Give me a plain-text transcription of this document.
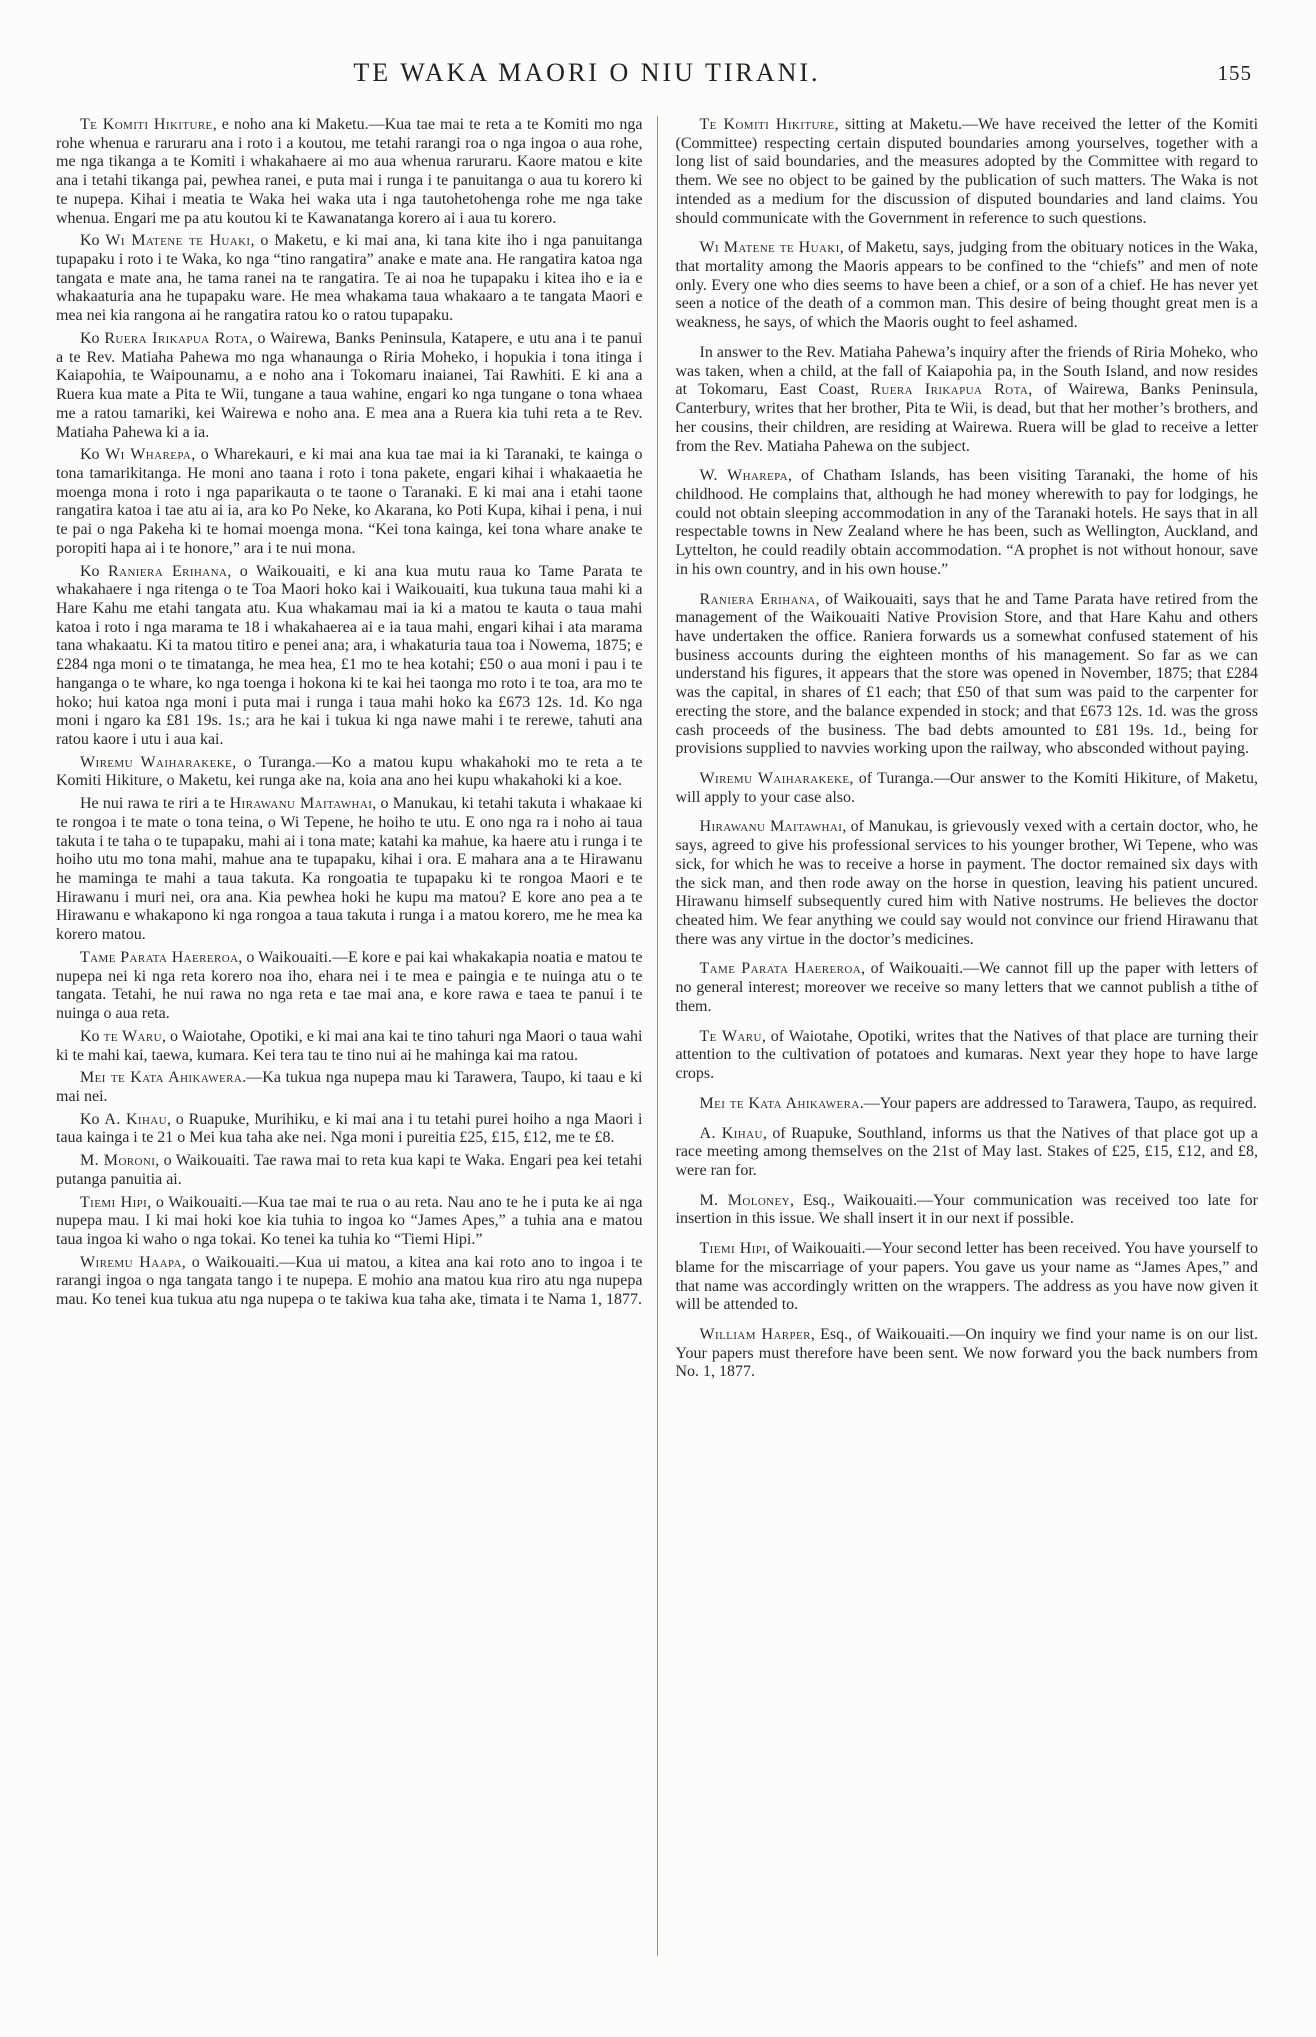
TE WAKA MAORI O NIU TIRANI.	155

Te Komiti Hikiture, e noho ana ki Maketu.—Kua tae mai te reta a te Komiti mo nga rohe whenua e raruraru ana i roto i a koutou, me tetahi rarangi roa o nga ingoa o aua rohe, me nga tikanga a te Komiti i whakahaere ai mo aua whenua raruraru. Kaore matou e kite ana i tetahi tikanga pai, pewhea ranei, e puta mai i runga i te panuitanga o aua tu korero ki te nupepa. Kihai i meatia te Waka hei waka uta i nga tautohetohenga rohe me nga take whenua. Engari me pa atu koutou ki te Kawanatanga korero ai i aua tu korero.

Ko Wi Matene te Huaki, o Maketu, e ki mai ana, ki tana kite iho i nga panuitanga tupapaku i roto i te Waka, ko nga “tino rangatira” anake e mate ana. He rangatira katoa nga tangata e mate ana, he tama ranei na te rangatira. Te ai noa he tupapaku i kitea iho e ia e whakaaturia ana he tupapaku ware. He mea whakama taua whakaaro a te tangata Maori e mea nei kia rangona ai he rangatira ratou ko o ratou tupapaku.

Ko Ruera Irikapua Rota, o Wairewa, Banks Peninsula, Katapere, e utu ana i te panui a te Rev. Matiaha Pahewa mo nga whanaunga o Riria Moheko, i hopukia i tona itinga i Kaiapohia, te Waipounamu, a e noho ana i Tokomaru inaianei, Tai Rawhiti. E ki ana a Ruera kua mate a Pita te Wii, tungane a taua wahine, engari ko nga tungane o tona whaea me a ratou tamariki, kei Wairewa e noho ana. E mea ana a Ruera kia tuhi reta a te Rev. Matiaha Pahewa ki a ia.

Ko Wi Wharepa, o Wharekauri, e ki mai ana kua tae mai ia ki Taranaki, te kainga o tona tamarikitanga. He moni ano taana i roto i tona pakete, engari kihai i whakaaetia he moenga mona i roto i nga paparikauta o te taone o Taranaki. E ki mai ana i etahi taone rangatira katoa i tae atu ai ia, ara ko Po Neke, ko Akarana, ko Poti Kupa, kihai i pena, i nui te pai o nga Pakeha ki te homai moenga mona. “Kei tona kainga, kei tona whare anake te poropiti hapa ai i te honore,” ara i te nui mona.

Ko Raniera Erihana, o Waikouaiti, e ki ana kua mutu raua ko Tame Parata te whakahaere i nga ritenga o te Toa Maori hoko kai i Waikouaiti, kua tukuna taua mahi ki a Hare Kahu me etahi tangata atu. Kua whakamau mai ia ki a matou te kauta o taua mahi katoa i roto i nga marama te 18 i whakahaerea ai e ia taua mahi, engari kihai i ata marama tana whakaatu. Ki ta matou titiro e penei ana; ara, i whakaturia taua toa i Nowema, 1875; e £284 nga moni o te timatanga, he mea hea, £1 mo te hea kotahi; £50 o aua moni i pau i te hanganga o te whare, ko nga toenga i hokona ki te kai hei taonga mo roto i te toa, ara mo te hoko; hui katoa nga moni i puta mai i runga i taua mahi hoko ka £673 12s. 1d. Ko nga moni i ngaro ka £81 19s. 1s.; ara he kai i tukua ki nga nawe mahi i te rerewe, tahuti ana ratou kaore i utu i aua kai.

Wiremu Waiharakeke, o Turanga.—Ko a matou kupu whakahoki mo te reta a te Komiti Hikiture, o Maketu, kei runga ake na, koia ana ano hei kupu whakahoki ki a koe.

He nui rawa te riri a te Hirawanu Maitawhai, o Manukau, ki tetahi takuta i whakaae ki te rongoa i te mate o tona teina, o Wi Tepene, he hoiho te utu. E ono nga ra i noho ai taua takuta i te taha o te tupapaku, mahi ai i tona mate; katahi ka mahue, ka haere atu i runga i te hoiho utu mo tona mahi, mahue ana te tupapaku, kihai i ora. E mahara ana a te Hirawanu he maminga te mahi a taua takuta. Ka rongoatia te tupapaku ki te rongoa Maori e te Hirawanu i muri nei, ora ana. Kia pewhea hoki he kupu ma matou? E kore ano pea a te Hirawanu e whakapono ki nga rongoa a taua takuta i runga i a matou korero, me he mea ka korero matou.

Tame Parata Haereroa, o Waikouaiti.—E kore e pai kai whakakapia noatia e matou te nupepa nei ki nga reta korero noa iho, ehara nei i te mea e paingia e te nuinga atu o te tangata. Tetahi, he nui rawa no nga reta e tae mai ana, e kore rawa e taea te panui i te nuinga o aua reta.

Ko te Waru, o Waiotahe, Opotiki, e ki mai ana kai te tino tahuri nga Maori o taua wahi ki te mahi kai, taewa, kumara. Kei tera tau te tino nui ai he mahinga kai ma ratou.

Mei te Kata Ahikawera.—Ka tukua nga nupepa mau ki Tarawera, Taupo, ki taau e ki mai nei.

Ko A. Kihau, o Ruapuke, Murihiku, e ki mai ana i tu tetahi purei hoiho a nga Maori i taua kainga i te 21 o Mei kua taha ake nei. Nga moni i pureitia £25, £15, £12, me te £8.

M. Moroni, o Waikouaiti. Tae rawa mai to reta kua kapi te Waka. Engari pea kei tetahi putanga panuitia ai.

Tiemi Hipi, o Waikouaiti.—Kua tae mai te rua o au reta. Nau ano te he i puta ke ai nga nupepa mau. I ki mai hoki koe kia tuhia to ingoa ko “James Apes,” a tuhia ana e matou taua ingoa ki waho o nga tokai. Ko tenei ka tuhia ko “Tiemi Hipi.”

Wiremu Haapa, o Waikouaiti.—Kua ui matou, a kitea ana kai roto ano to ingoa i te rarangi ingoa o nga tangata tango i te nupepa. E mohio ana matou kua riro atu nga nupepa mau. Ko tenei kua tukua atu nga nupepa o te takiwa kua taha ake, timata i te Nama 1, 1877.

Te Komiti Hikiture, sitting at Maketu.—We have received the letter of the Komiti (Committee) respecting certain disputed boundaries among yourselves, together with a long list of said boundaries, and the measures adopted by the Committee with regard to them. We see no object to be gained by the publication of such matters. The Waka is not intended as a medium for the discussion of disputed boundaries and land claims. You should communicate with the Government in reference to such questions.

Wi Matene te Huaki, of Maketu, says, judging from the obituary notices in the Waka, that mortality among the Maoris appears to be confined to the “chiefs” and men of note only. Every one who dies seems to have been a chief, or a son of a chief. He has never yet seen a notice of the death of a common man. This desire of being thought great men is a weakness, he says, of which the Maoris ought to feel ashamed.

In answer to the Rev. Matiaha Pahewa’s inquiry after the friends of Riria Moheko, who was taken, when a child, at the fall of Kaiapohia pa, in the South Island, and now resides at Tokomaru, East Coast, Ruera Irikapua Rota, of Wairewa, Banks Peninsula, Canterbury, writes that her brother, Pita te Wii, is dead, but that her mother’s brothers, and her cousins, their children, are residing at Wairewa. Ruera will be glad to receive a letter from the Rev. Matiaha Pahewa on the subject.

W. Wharepa, of Chatham Islands, has been visiting Taranaki, the home of his childhood. He complains that, although he had money wherewith to pay for lodgings, he could not obtain sleeping accommodation in any of the Taranaki hotels. He says that in all respectable towns in New Zealand where he has been, such as Wellington, Auckland, and Lyttelton, he could readily obtain accommodation. “A prophet is not without honour, save in his own country, and in his own house.”

Raniera Erihana, of Waikouaiti, says that he and Tame Parata have retired from the management of the Waikouaiti Native Provision Store, and that Hare Kahu and others have undertaken the office. Raniera forwards us a somewhat confused statement of his business accounts during the eighteen months of his management. So far as we can understand his figures, it appears that the store was opened in November, 1875; that £284 was the capital, in shares of £1 each; that £50 of that sum was paid to the carpenter for erecting the store, and the balance expended in stock; and that £673 12s. 1d. was the gross cash proceeds of the business. The bad debts amounted to £81 19s. 1d., being for provisions supplied to navvies working upon the railway, who absconded without paying.

Wiremu Waiharakeke, of Turanga.—Our answer to the Komiti Hikiture, of Maketu, will apply to your case also.

Hirawanu Maitawhai, of Manukau, is grievously vexed with a certain doctor, who, he says, agreed to give his professional services to his younger brother, Wi Tepene, who was sick, for which he was to receive a horse in payment. The doctor remained six days with the sick man, and then rode away on the horse in question, leaving his patient uncured. Hirawanu himself subsequently cured him with Native nostrums. He believes the doctor cheated him. We fear anything we could say would not convince our friend Hirawanu that there was any virtue in the doctor’s medicines.

Tame Parata Haereroa, of Waikouaiti.—We cannot fill up the paper with letters of no general interest; moreover we receive so many letters that we cannot publish a tithe of them.

Te Waru, of Waiotahe, Opotiki, writes that the Natives of that place are turning their attention to the cultivation of potatoes and kumaras. Next year they hope to have large crops.

Mei te Kata Ahikawera.—Your papers are addressed to Tarawera, Taupo, as required.

A. Kihau, of Ruapuke, Southland, informs us that the Natives of that place got up a race meeting among themselves on the 21st of May last. Stakes of £25, £15, £12, and £8, were ran for.

M. Moloney, Esq., Waikouaiti.—Your communication was received too late for insertion in this issue. We shall insert it in our next if possible.

Tiemi Hipi, of Waikouaiti.—Your second letter has been received. You have yourself to blame for the miscarriage of your papers. You gave us your name as “James Apes,” and that name was accordingly written on the wrappers. The address as you have now given it will be attended to.

William Harper, Esq., of Waikouaiti.—On inquiry we find your name is on our list. Your papers must therefore have been sent. We now forward you the back numbers from No. 1, 1877.
